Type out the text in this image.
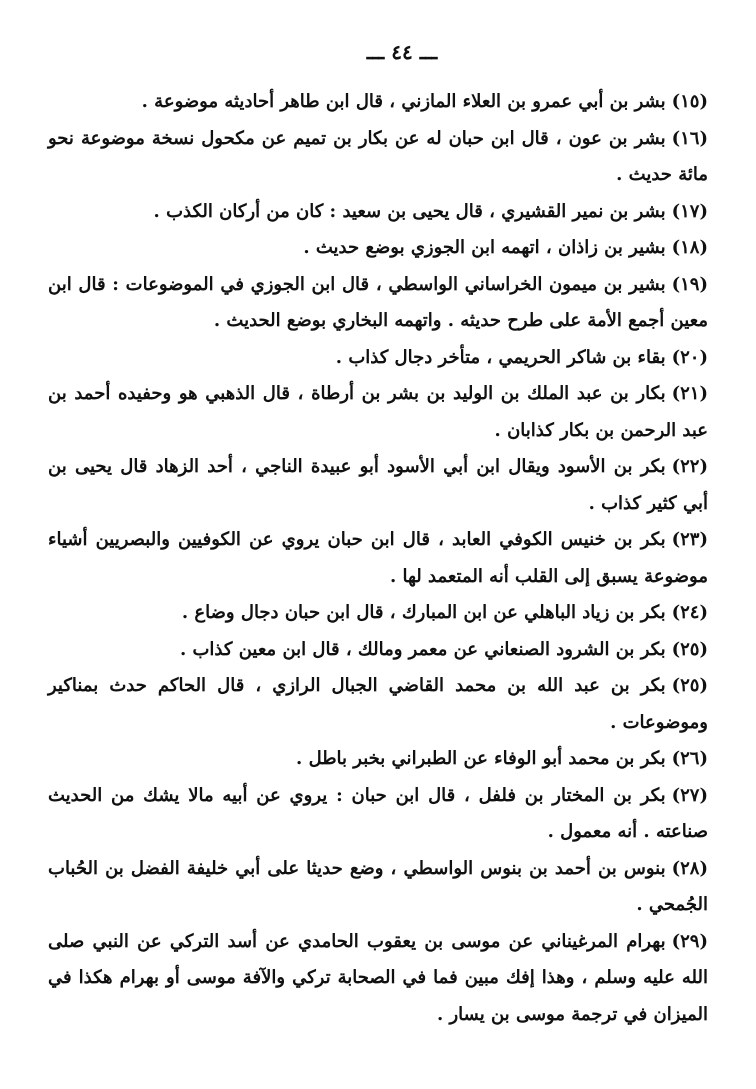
ـــ ٤٤ ـــ

(١٥)بشر بن أبي عمرو بن العلاء المازني ، قال ابن طاهر أحاديثه موضوعة .

(١٦)بشر بن عون ، قال ابن حبان له عن بكار بن تميم عن مكحول نسخة موضوعة نحو مائة حديث .

(١٧)بشر بن نمير القشيري ، قال يحيى بن سعيد : كان من أركان الكذب .

(١٨)بشير بن زاذان ، اتهمه ابن الجوزي بوضع حديث .

(١٩)بشير بن ميمون الخراساني الواسطي ، قال ابن الجوزي في الموضوعات : قال ابن معين أجمع الأمة على طرح حديثه . واتهمه البخاري بوضع الحديث .

(٢٠)بقاء بن شاكر الحريمي ، متأخر دجال كذاب .

(٢١)بكار بن عبد الملك بن الوليد بن بشر بن أرطاة ، قال الذهبي هو وحفيده أحمد بن عبد الرحمن بن بكار كذابان .

(٢٢)بكر بن الأسود ويقال ابن أبي الأسود أبو عبيدة الناجي ، أحد الزهاد قال يحيى بن أبي كثير كذاب .

(٢٣)بكر بن خنيس الكوفي العابد ، قال ابن حبان يروي عن الكوفيين والبصريين أشياء موضوعة يسبق إلى القلب أنه المتعمد لها .

(٢٤)بكر بن زياد الباهلي عن ابن المبارك ، قال ابن حبان دجال وضاع .

(٢٥)بكر بن الشرود الصنعاني عن معمر ومالك ، قال ابن معين كذاب .

(٢٥)بكر بن عبد الله بن محمد القاضي الجبال الرازي ، قال الحاكم حدث بمناكير وموضوعات .

(٢٦)بكر بن محمد أبو الوفاء عن الطبراني بخبر باطل .

(٢٧)بكر بن المختار بن فلفل ، قال ابن حبان : يروي عن أبيه مالا يشك من الحديث صناعته . أنه معمول .

(٢٨)بنوس بن أحمد بن بنوس الواسطي ، وضع حديثا على أبي خليفة الفضل بن الحُباب الجُمحي .

(٢٩)بهرام المرغيناني عن موسى بن يعقوب الحامدي عن أسد التركي عن النبي صلى الله عليه وسلم ، وهذا إفك مبين فما في الصحابة تركي والآفة موسى أو بهرام هكذا في الميزان في ترجمة موسى بن يسار .
